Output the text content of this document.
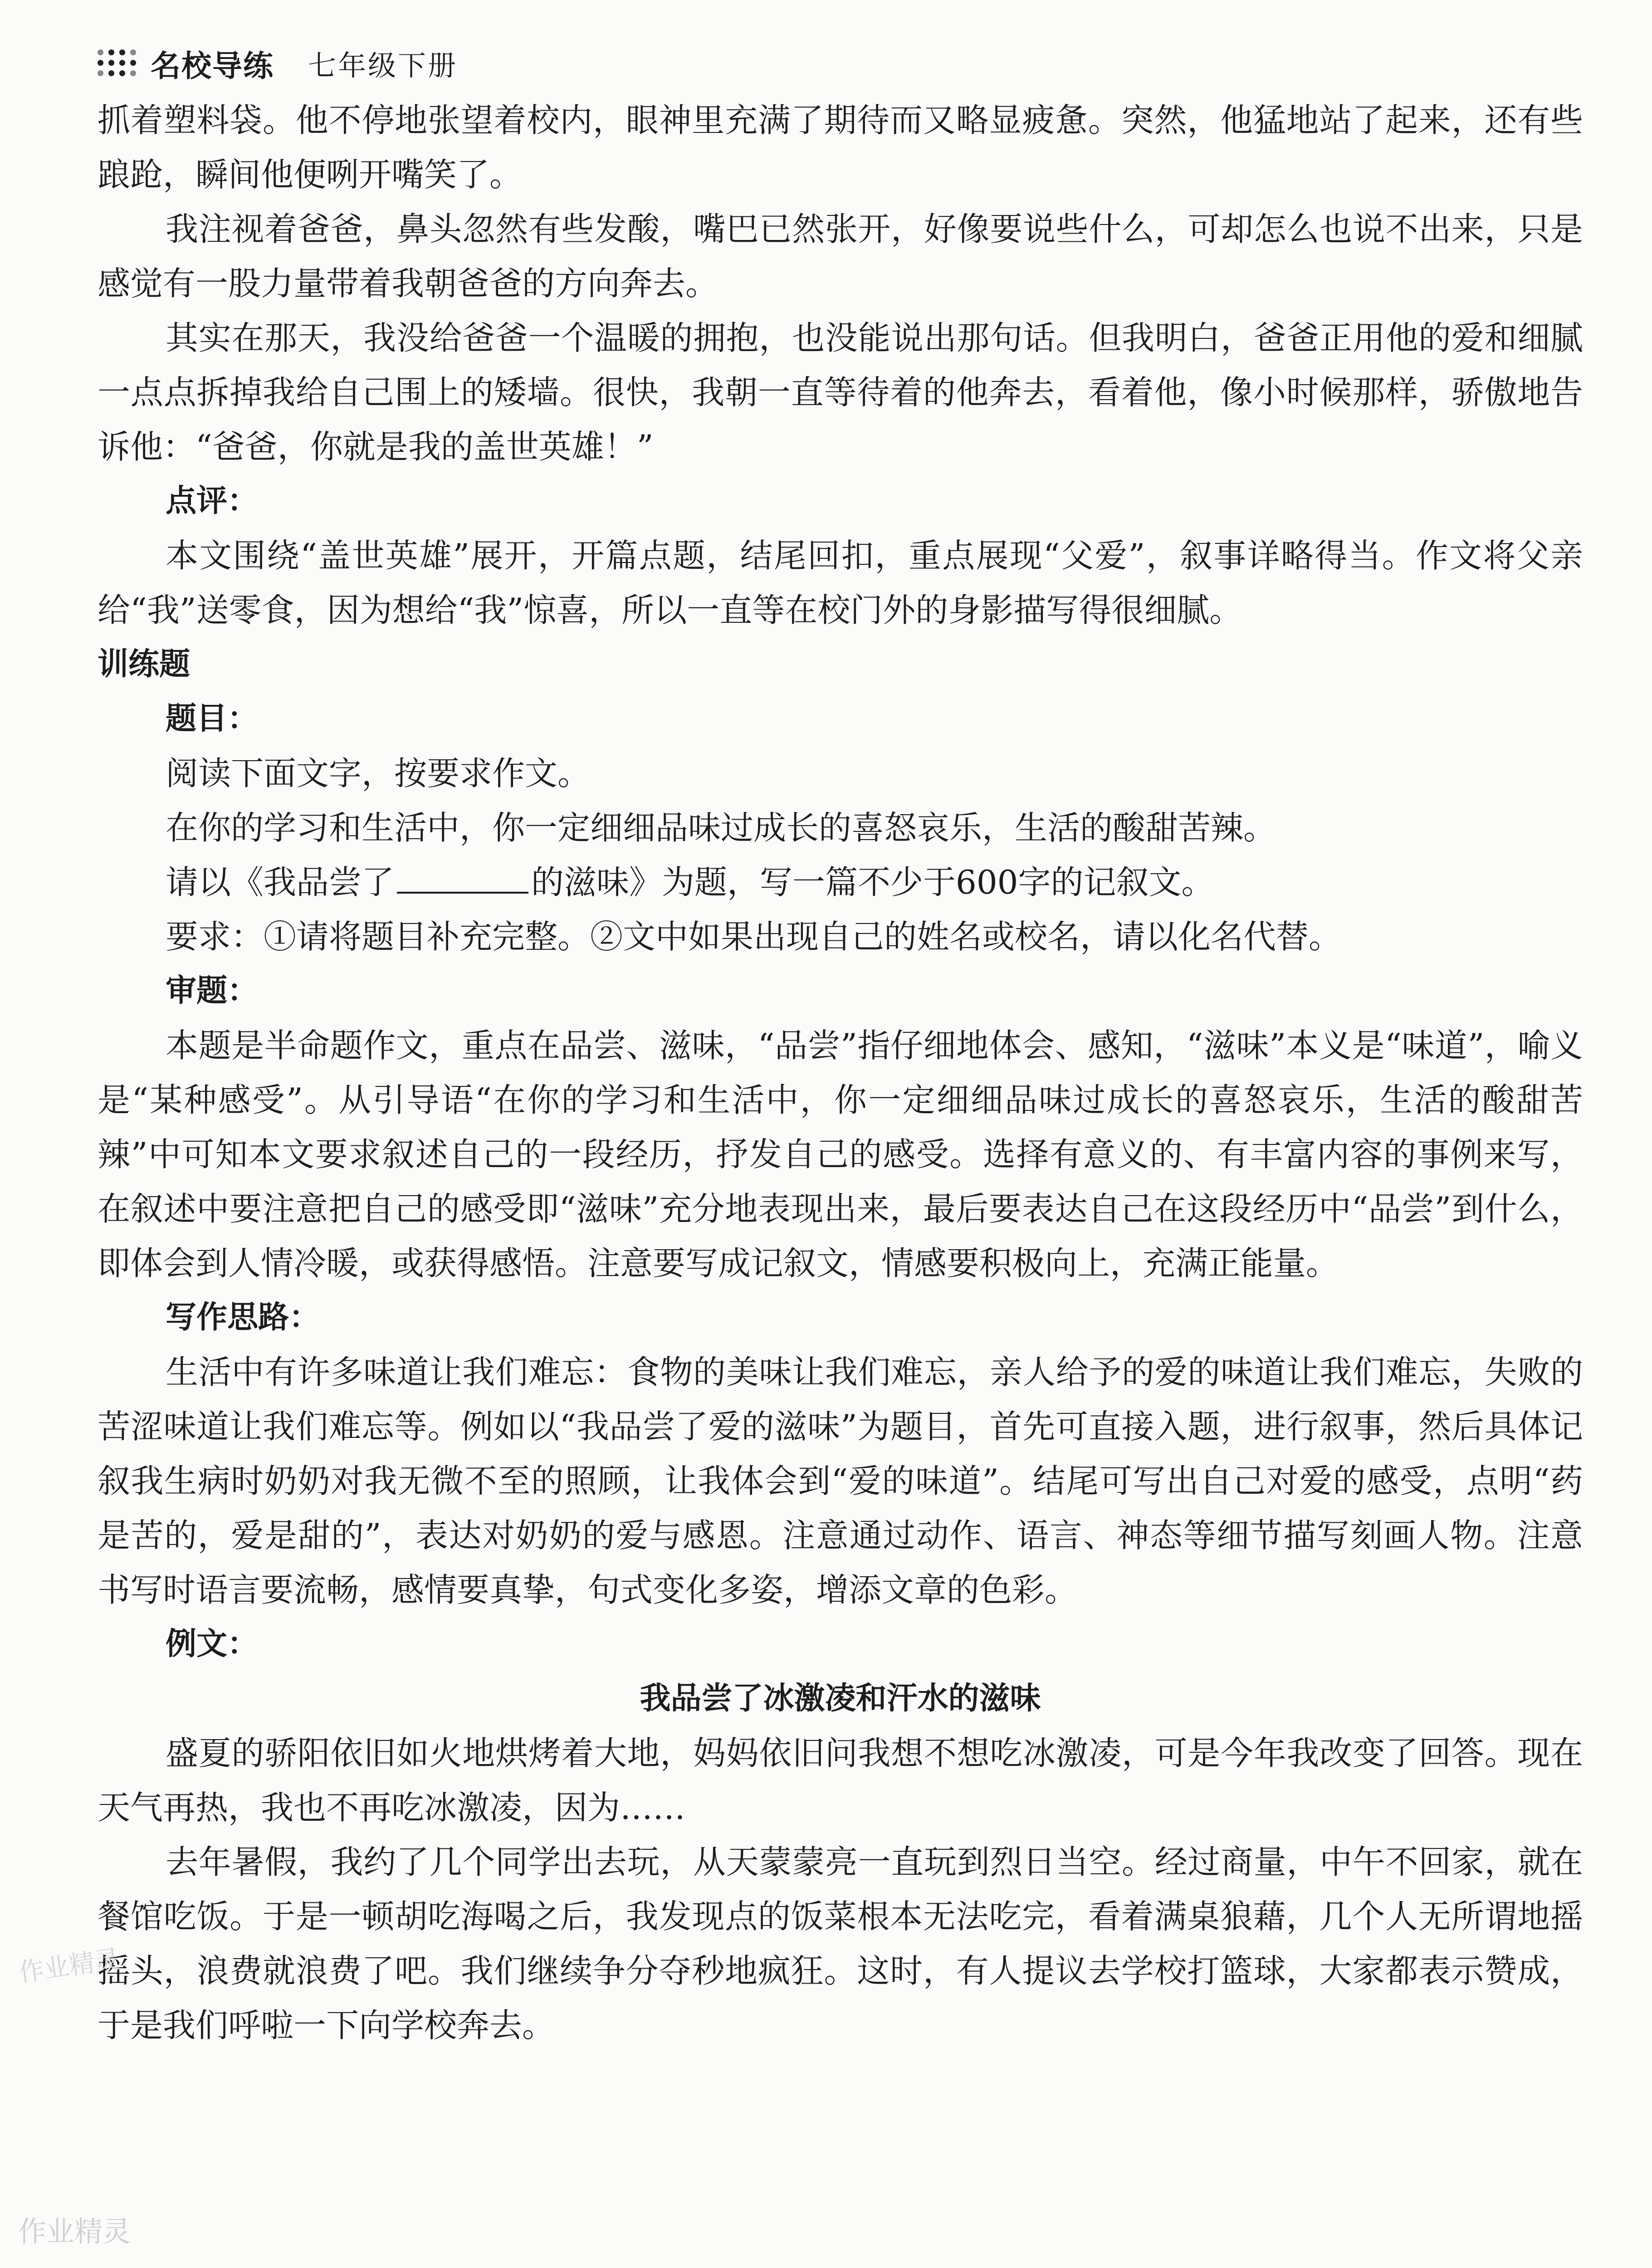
名校导练 七年级下册

抓着塑料袋。他不停地张望着校内，眼神里充满了期待而又略显疲惫。突然，他猛地站了起来，还有些踉跄，瞬间他便咧开嘴笑了。

我注视着爸爸，鼻头忽然有些发酸，嘴巴已然张开，好像要说些什么，可却怎么也说不出来，只是感觉有一股力量带着我朝爸爸的方向奔去。

其实在那天，我没给爸爸一个温暖的拥抱，也没能说出那句话。但我明白，爸爸正用他的爱和细腻一点点拆掉我给自己围上的矮墙。很快，我朝一直等待着的他奔去，看着他，像小时候那样，骄傲地告诉他：“爸爸，你就是我的盖世英雄！”

点评：

本文围绕“盖世英雄”展开，开篇点题，结尾回扣，重点展现“父爱”，叙事详略得当。作文将父亲给“我”送零食，因为想给“我”惊喜，所以一直等在校门外的身影描写得很细腻。

训练题
题目：

阅读下面文字，按要求作文。

在你的学习和生活中，你一定细细品味过成长的喜怒哀乐，生活的酸甜苦辣。

请以《我品尝了	的滋味》为题，写一篇不少于600字的记叙文。

要求：①请将题目补充完整。②文中如果出现自己的姓名或校名，请以化名代替。

审题：

本题是半命题作文，重点在品尝、滋味，“品尝”指仔细地体会、感知，“滋味”本义是“味道”，喻义是“某种感受”。从引导语“在你的学习和生活中，你一定细细品味过成长的喜怒哀乐，生活的酸甜苦辣”中可知本文要求叙述自己的一段经历，抒发自己的感受。选择有意义的、有丰富内容的事例来写，在叙述中要注意把自己的感受即“滋味”充分地表现出来，最后要表达自己在这段经历中“品尝”到什么，即体会到人情冷暖，或获得感悟。注意要写成记叙文，情感要积极向上，充满正能量。

写作思路：

生活中有许多味道让我们难忘：食物的美味让我们难忘，亲人给予的爱的味道让我们难忘，失败的苦涩味道让我们难忘等。例如以“我品尝了爱的滋味”为题目，首先可直接入题，进行叙事，然后具体记叙我生病时奶奶对我无微不至的照顾，让我体会到“爱的味道”。结尾可写出自己对爱的感受，点明“药是苦的，爱是甜的”，表达对奶奶的爱与感恩。注意通过动作、语言、神态等细节描写刻画人物。注意书写时语言要流畅，感情要真挚，句式变化多姿，增添文章的色彩。

例文：
我品尝了冰激凌和汗水的滋味

盛夏的骄阳依旧如火地烘烤着大地，妈妈依旧问我想不想吃冰激凌，可是今年我改变了回答。现在天气再热，我也不再吃冰激凌，因为……

去年暑假，我约了几个同学出去玩，从天蒙蒙亮一直玩到烈日当空。经过商量，中午不回家，就在餐馆吃饭。于是一顿胡吃海喝之后，我发现点的饭菜根本无法吃完，看着满桌狼藉，几个人无所谓地摇摇头，浪费就浪费了吧。我们继续争分夺秒地疯狂。这时，有人提议去学校打篮球，大家都表示赞成，于是我们呼啦一下向学校奔去。

作业精灵
作业精灵
